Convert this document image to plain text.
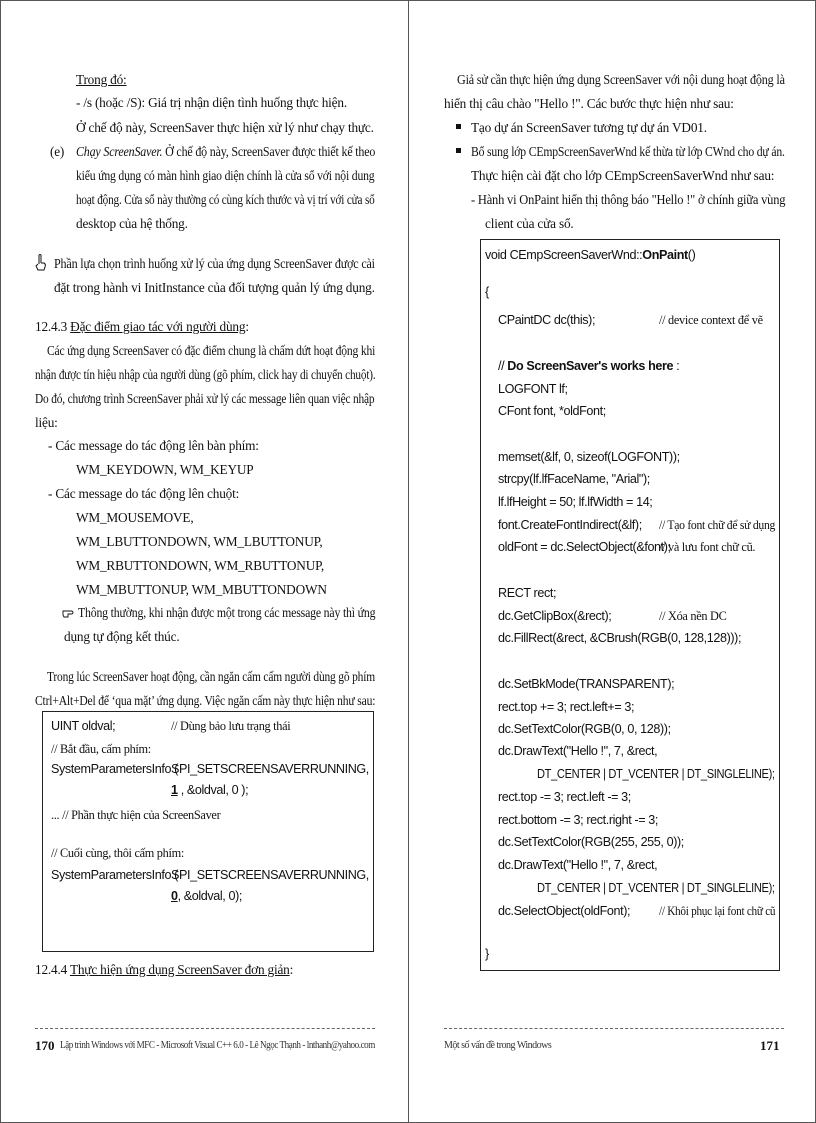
Trong đó:
- /s (hoặc /S): Giá trị nhận diện tình huống thực hiện.
Ở chế độ này, ScreenSaver thực hiện xử lý như chạy thực.
(e) Chạy ScreenSaver. Ở chế độ này, ScreenSaver được thiết kế theo
kiểu ứng dụng có màn hình giao diện chính là cửa sổ với nội dung
hoạt động. Cửa sổ này thường có cùng kích thước và vị trí với cửa sổ
desktop của hệ thống.
Phần lựa chọn trình huống xử lý của ứng dụng ScreenSaver được cài
đặt trong hành vi InitInstance của đối tượng quản lý ứng dụng.
12.4.3 Đặc điểm giao tác với người dùng:
Các ứng dụng ScreenSaver có đặc điểm chung là chấm dứt hoạt động khi
nhận được tín hiệu nhập của người dùng (gõ phím, click hay di chuyển chuột).
Do đó, chương trình ScreenSaver phải xử lý các message liên quan việc nhập
liệu:
- Các message do tác động lên bàn phím:
WM_KEYDOWN, WM_KEYUP
- Các message do tác động lên chuột:
WM_MOUSEMOVE,
WM_LBUTTONDOWN, WM_LBUTTONUP,
WM_RBUTTONDOWN, WM_RBUTTONUP,
WM_MBUTTONUP, WM_MBUTTONDOWN
Thông thường, khi nhận được một trong các message này thì ứng
dụng tự động kết thúc.
Trong lúc ScreenSaver hoạt động, cần ngăn cấm cấm người dùng gõ phím
Ctrl+Alt+Del để ‘qua mặt’ ứng dụng. Việc ngăn cấm này thực hiện như sau:
UINT oldval;	// Dùng bảo lưu trạng thái
// Bắt đầu, cấm phím:
SystemParametersInfo (
SPI_SETSCREENSAVERRUNNING,
1 , &oldval, 0 );
... // Phần thực hiện của ScreenSaver
// Cuối cùng, thôi cấm phím:
SystemParametersInfo (
SPI_SETSCREENSAVERRUNNING,
0, &oldval, 0);
12.4.4 Thực hiện ứng dụng ScreenSaver đơn giản:
170 Lập trình Windows với MFC - Microsoft Visual C++ 6.0 - Lê Ngọc Thạnh - lnthanh@yahoo.com
Giả sử cần thực hiện ứng dụng ScreenSaver với nội dung hoạt động là
hiển thị câu chào "Hello !". Các bước thực hiện như sau:
Tạo dự án ScreenSaver tương tự dự án VD01.
Bổ sung lớp CEmpScreenSaverWnd kế thừa từ lớp CWnd cho dự án.
Thực hiện cài đặt cho lớp CEmpScreenSaverWnd như sau:
- Hành vi OnPaint hiển thị thông báo "Hello !" ở chính giữa vùng
client của cửa sổ.
void CEmpScreenSaverWnd::OnPaint()
{
CPaintDC dc(this);	// device context để vẽ
// Do ScreenSaver's works here :
LOGFONT lf;
CFont font, *oldFont;
memset(&lf, 0, sizeof(LOGFONT));
strcpy(lf.lfFaceName, "Arial");
lf.lfHeight = 50; lf.lfWidth = 14;
font.CreateFontIndirect(&lf); // Tạo font chữ để sử dụng
oldFont = dc.SelectObject(&font);
// và lưu font chữ cũ.
RECT rect;
dc.GetClipBox(&rect);	// Xóa nền DC
dc.FillRect(&rect, &CBrush(RGB(0, 128,128)));
dc.SetBkMode(TRANSPARENT);
rect.top += 3; rect.left+= 3;
dc.SetTextColor(RGB(0, 0, 128));
dc.DrawText("Hello !", 7, &rect,
DT_CENTER | DT_VCENTER | DT_SINGLELINE);
rect.top -= 3; rect.left -= 3;
rect.bottom -= 3; rect.right -= 3;
dc.SetTextColor(RGB(255, 255, 0));
dc.DrawText("Hello !", 7, &rect,
DT_CENTER | DT_VCENTER | DT_SINGLELINE);
dc.SelectObject(oldFont); // Khôi phục lại font chữ cũ
}
Một số vấn đề trong Windows	171
